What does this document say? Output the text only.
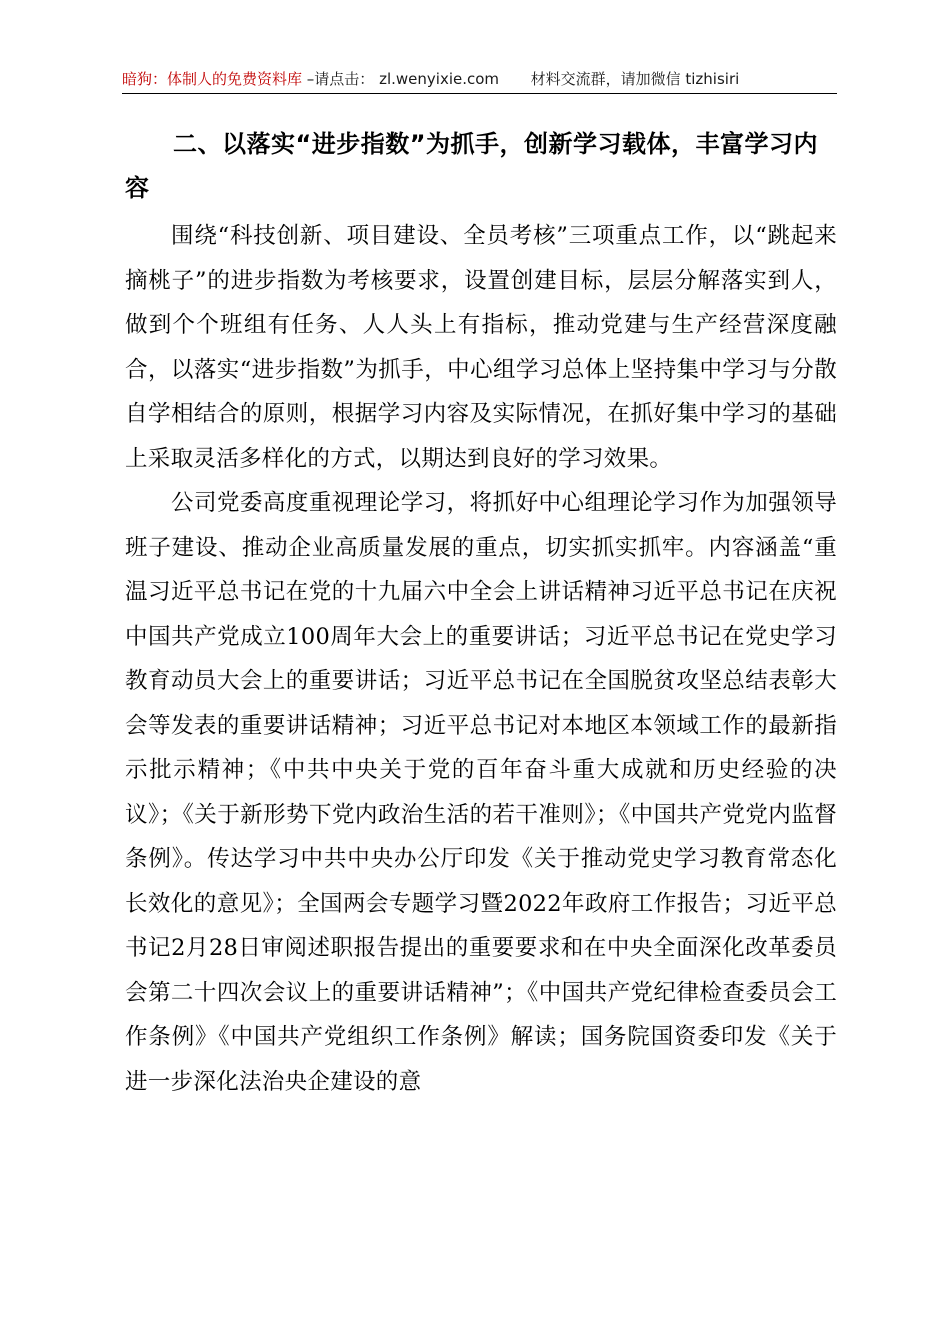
暗狗：体制人的免费资料库 –请点击： zl.wenyixie.com 材料交流群，请加微信 tizhisiri
二、以落实“进步指数”为抓手，创新学习载体，丰富学习内容

围绕“科技创新、项目建设、全员考核”三项重点工作，以“跳起来摘桃子”的进步指数为考核要求，设置创建目标，层层分解落实到人，做到个个班组有任务、人人头上有指标，推动党建与生产经营深度融合，以落实“进步指数”为抓手，中心组学习总体上坚持集中学习与分散自学相结合的原则，根据学习内容及实际情况，在抓好集中学习的基础上采取灵活多样化的方式，以期达到良好的学习效果。

公司党委高度重视理论学习，将抓好中心组理论学习作为加强领导班子建设、推动企业高质量发展的重点，切实抓实抓牢。内容涵盖“重温习近平总书记在党的十九届六中全会上讲话精神习近平总书记在庆祝中国共产党成立100周年大会上的重要讲话；习近平总书记在党史学习教育动员大会上的重要讲话；习近平总书记在全国脱贫攻坚总结表彰大会等发表的重要讲话精神；习近平总书记对本地区本领域工作的最新指示批示精神；《中共中央关于党的百年奋斗重大成就和历史经验的决议》；《关于新形势下党内政治生活的若干准则》；《中国共产党党内监督条例》。传达学习中共中央办公厅印发《关于推动党史学习教育常态化长效化的意见》；全国两会专题学习暨2022年政府工作报告；习近平总书记2月28日审阅述职报告提出的重要要求和在中央全面深化改革委员会第二十四次会议上的重要讲话精神”；《中国共产党纪律检查委员会工作条例》《中国共产党组织工作条例》解读；国务院国资委印发《关于进一步深化法治央企建设的意
